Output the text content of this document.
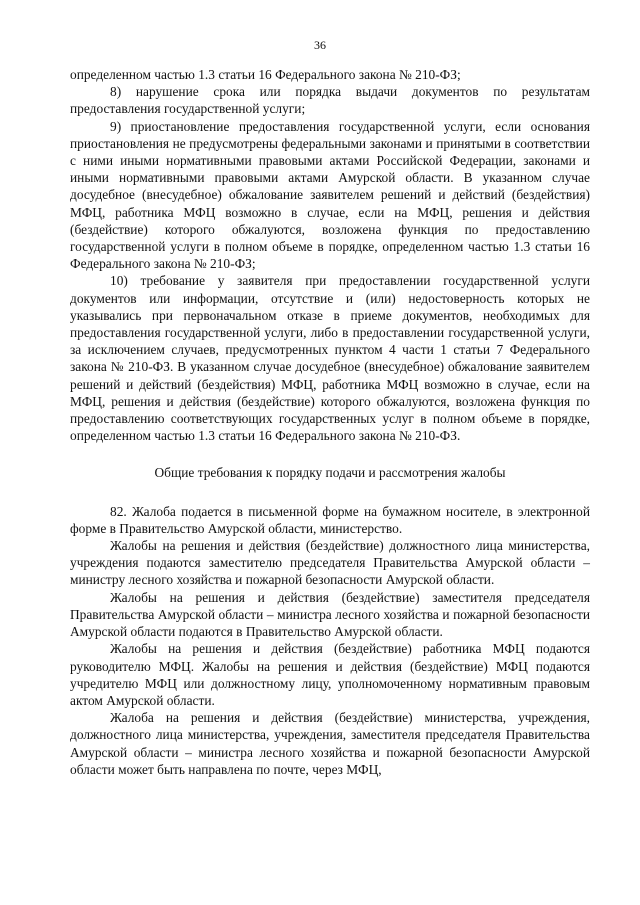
36

определенном частью 1.3 статьи 16 Федерального закона № 210-ФЗ;

8) нарушение срока или порядка выдачи документов по результатам предоставления государственной услуги;

9) приостановление предоставления государственной услуги, если основания приостановления не предусмотрены федеральными законами и принятыми в соответствии с ними иными нормативными правовыми актами Российской Федерации, законами и иными нормативными правовыми актами Амурской области. В указанном случае досудебное (внесудебное) обжалование заявителем решений и действий (бездействия) МФЦ, работника МФЦ возможно в случае, если на МФЦ, решения и действия (бездействие) которого обжалуются, возложена функция по предоставлению государственной услуги в полном объеме в порядке, определенном частью 1.3 статьи 16 Федерального закона № 210-ФЗ;

10) требование у заявителя при предоставлении государственной услуги документов или информации, отсутствие и (или) недостоверность которых не указывались при первоначальном отказе в приеме документов, необходимых для предоставления государственной услуги, либо в предоставлении государственной услуги, за исключением случаев, предусмотренных пунктом 4 части 1 статьи 7 Федерального закона № 210-ФЗ. В указанном случае досудебное (внесудебное) обжалование заявителем решений и действий (бездействия) МФЦ, работника МФЦ возможно в случае, если на МФЦ, решения и действия (бездействие) которого обжалуются, возложена функция по предоставлению соответствующих государственных услуг в полном объеме в порядке, определенном частью 1.3 статьи 16 Федерального закона № 210-ФЗ.

Общие требования к порядку подачи и рассмотрения жалобы

82. Жалоба подается в письменной форме на бумажном носителе, в электронной форме в Правительство Амурской области, министерство.

Жалобы на решения и действия (бездействие) должностного лица министерства, учреждения подаются заместителю председателя Правительства Амурской области – министру лесного хозяйства и пожарной безопасности Амурской области.

Жалобы на решения и действия (бездействие) заместителя председателя Правительства Амурской области – министра лесного хозяйства и пожарной безопасности Амурской области подаются в Правительство Амурской области.

Жалобы на решения и действия (бездействие) работника МФЦ подаются руководителю МФЦ. Жалобы на решения и действия (бездействие) МФЦ подаются учредителю МФЦ или должностному лицу, уполномоченному нормативным правовым актом Амурской области.

Жалоба на решения и действия (бездействие) министерства, учреждения, должностного лица министерства, учреждения, заместителя председателя Правительства Амурской области – министра лесного хозяйства и пожарной безопасности Амурской области может быть направлена по почте, через МФЦ,
